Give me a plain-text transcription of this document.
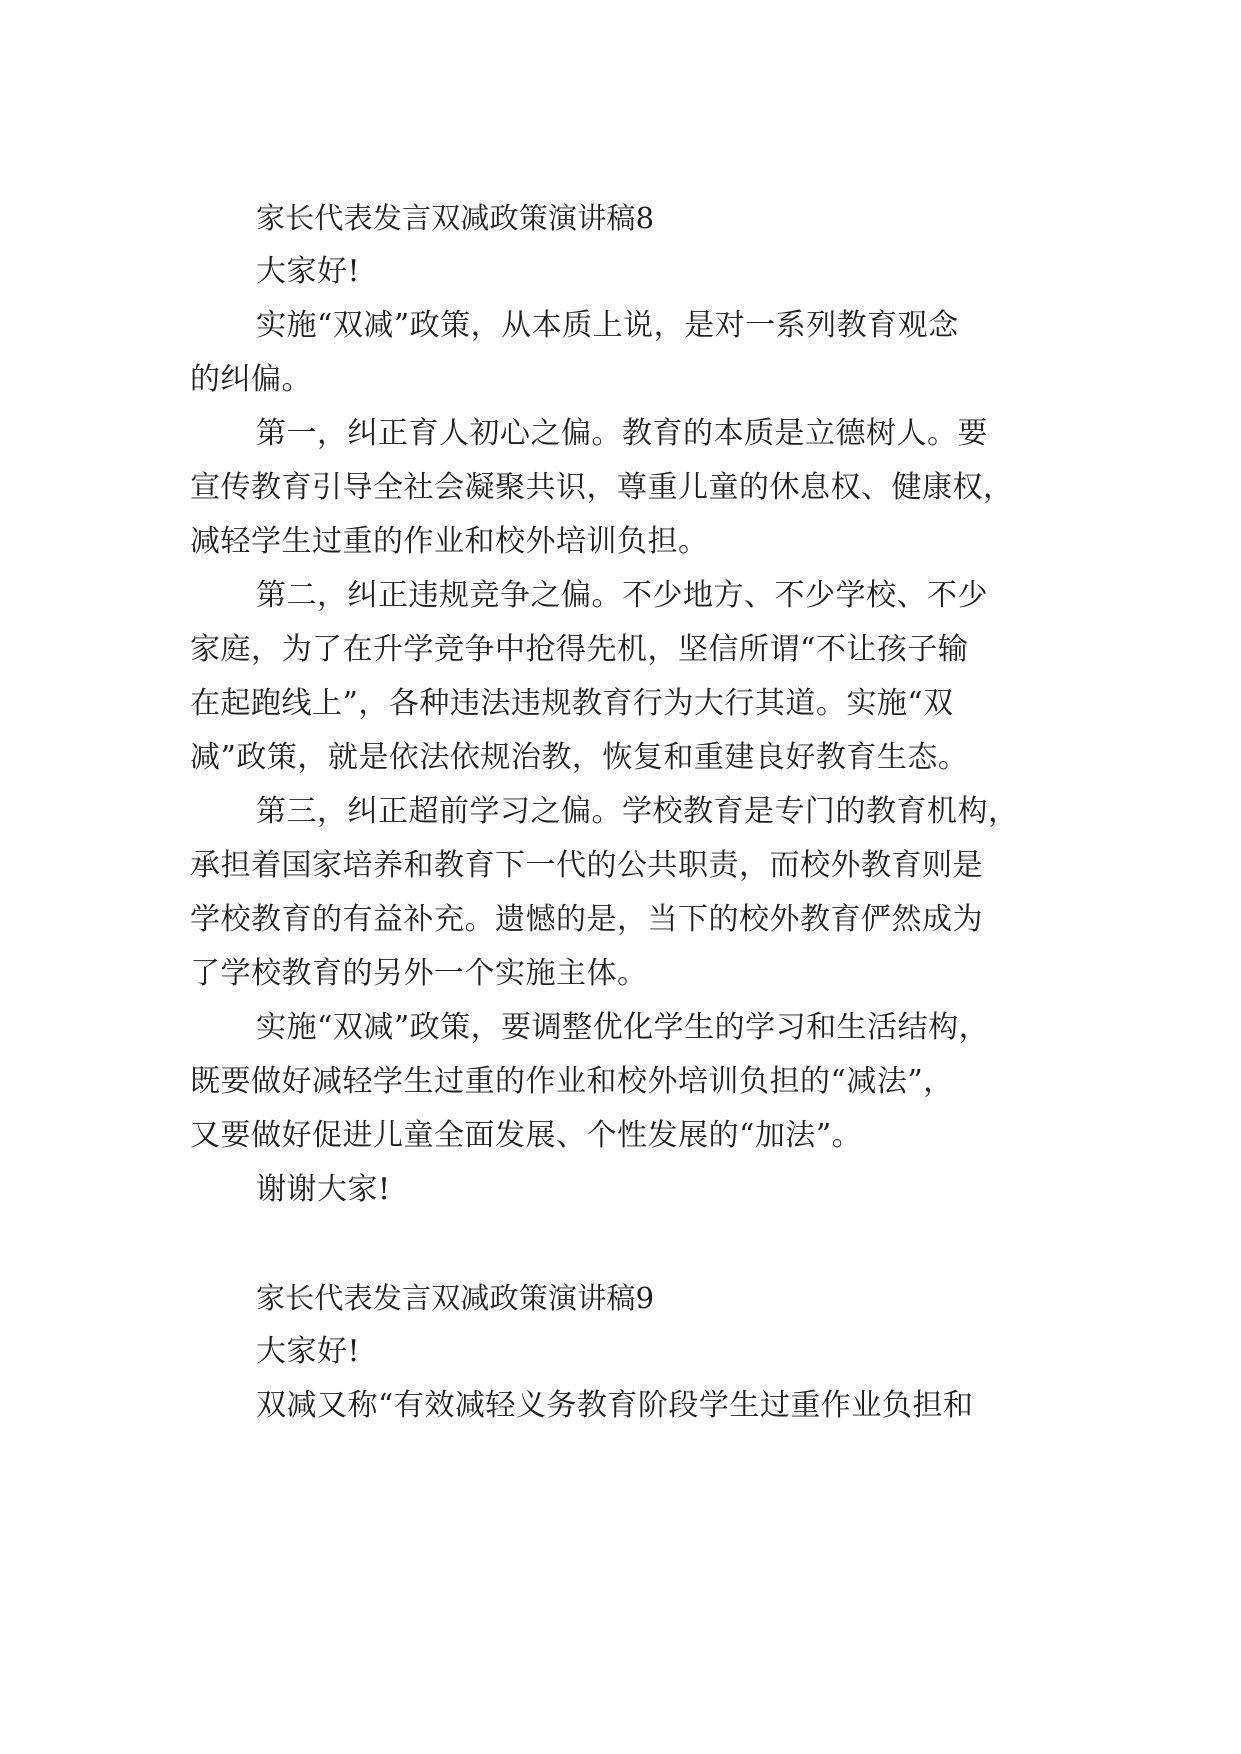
家长代表发言双减政策演讲稿8
大家好!
实施“双减”政策，从本质上说，是对一系列教育观念
的纠偏。
第一，纠正育人初心之偏。教育的本质是立德树人。要
宣传教育引导全社会凝聚共识，尊重儿童的休息权、健康权，
减轻学生过重的作业和校外培训负担。
第二，纠正违规竞争之偏。不少地方、不少学校、不少
家庭，为了在升学竞争中抢得先机，坚信所谓“不让孩子输
在起跑线上”，各种违法违规教育行为大行其道。实施“双
减”政策，就是依法依规治教，恢复和重建良好教育生态。
第三，纠正超前学习之偏。学校教育是专门的教育机构，
承担着国家培养和教育下一代的公共职责，而校外教育则是
学校教育的有益补充。遗憾的是，当下的校外教育俨然成为
了学校教育的另外一个实施主体。
实施“双减”政策，要调整优化学生的学习和生活结构，
既要做好减轻学生过重的作业和校外培训负担的“减法”，
又要做好促进儿童全面发展、个性发展的“加法”。
谢谢大家!
家长代表发言双减政策演讲稿9
大家好!
双减又称“有效减轻义务教育阶段学生过重作业负担和
